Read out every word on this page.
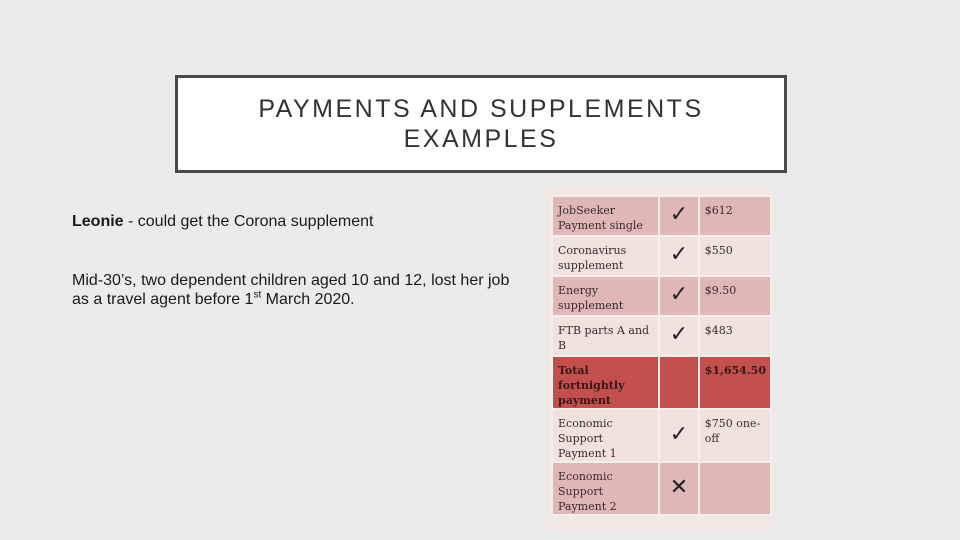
PAYMENTS AND SUPPLEMENTS
EXAMPLES
Leonie - could get the Corona supplement
Mid-30’s, two dependent children aged 10 and 12, lost her job as a travel agent before 1st March 2020.
JobSeeker Payment single	✓	$612
Coronavirus supplement	✓	$550
Energy supplement	✓	$9.50
FTB parts A and B	✓	$483
Total fortnightly payment		$1,654.50
Economic Support Payment 1	✓	$750 one-off
Economic Support Payment 2	✕	
